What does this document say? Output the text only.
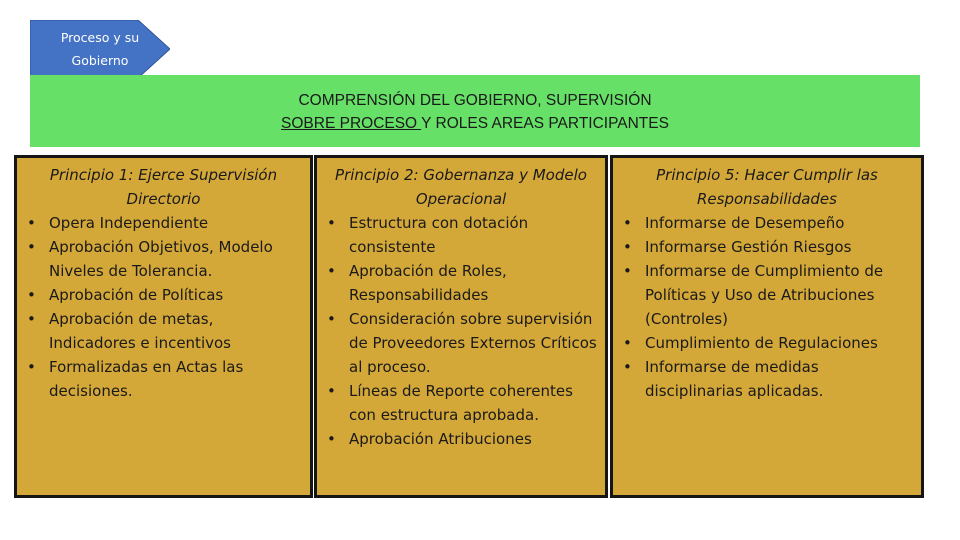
Proceso y su
Gobierno
COMPRENSIÓN DEL GOBIERNO, SUPERVISIÓN
SOBRE PROCESO Y ROLES AREAS PARTICIPANTES
Principio 1: Ejerce Supervisión Directorio
• Opera Independiente
• Aprobación Objetivos, Modelo Niveles de Tolerancia.
• Aprobación de Políticas
• Aprobación de metas, Indicadores e incentivos
• Formalizadas en Actas las decisiones.
Principio 2: Gobernanza y Modelo Operacional
• Estructura con dotación consistente
• Aprobación de Roles, Responsabilidades
• Consideración sobre supervisión de Proveedores Externos Críticos al proceso.
• Líneas de Reporte coherentes con estructura aprobada.
• Aprobación Atribuciones
Principio 5: Hacer Cumplir las Responsabilidades
• Informarse de Desempeño
• Informarse Gestión Riesgos
• Informarse de Cumplimiento de Políticas y Uso de Atribuciones (Controles)
• Cumplimiento de Regulaciones
• Informarse de medidas disciplinarias aplicadas.
